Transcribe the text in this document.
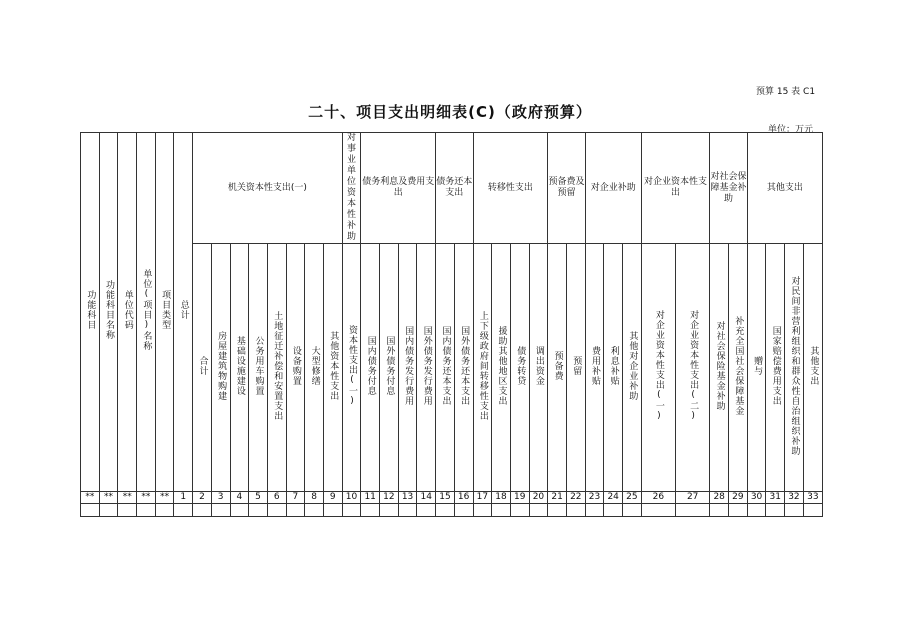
预算 15 表 C1
二十、项目支出明细表(C)（政府预算）
单位：万元
功能科目	功能科目名称	单位代码	单位(项目)名称	项目类型	总计	机关资本性支出(一)								对事业单位资本性补助	债务利息及费用支出				债务还本支出		转移性支出				预备费及预留		对企业补助			对企业资本性支出		对社会保障基金补助		其他支出			
						合计	房屋建筑物购建	基础设施建设	公务用车购置	土地征迁补偿和安置支出	设备购置	大型修缮	其他资本性支出	资本性支出(一)	国内债务付息	国外债务付息	国内债务发行费用	国外债务发行费用	国内债务还本支出	国外债务还本支出	上下级政府间转移性支出	援助其他地区支出	债务转贷	调出资金	预备费	预留	费用补贴	利息补贴	其他对企业补助	对企业资本性支出(一)	对企业资本性支出(二)	对社会保险基金补助	补充全国社会保障基金	赠与	国家赔偿费用支出	对民间非营利组织和群众性自治组织补助	其他支出
**	**	**	**	**	1	2	3	4	5	6	7	8	9	10	11	12	13	14	15	16	17	18	19	20	21	22	23	24	25	26	27	28	29	30	31	32	33
